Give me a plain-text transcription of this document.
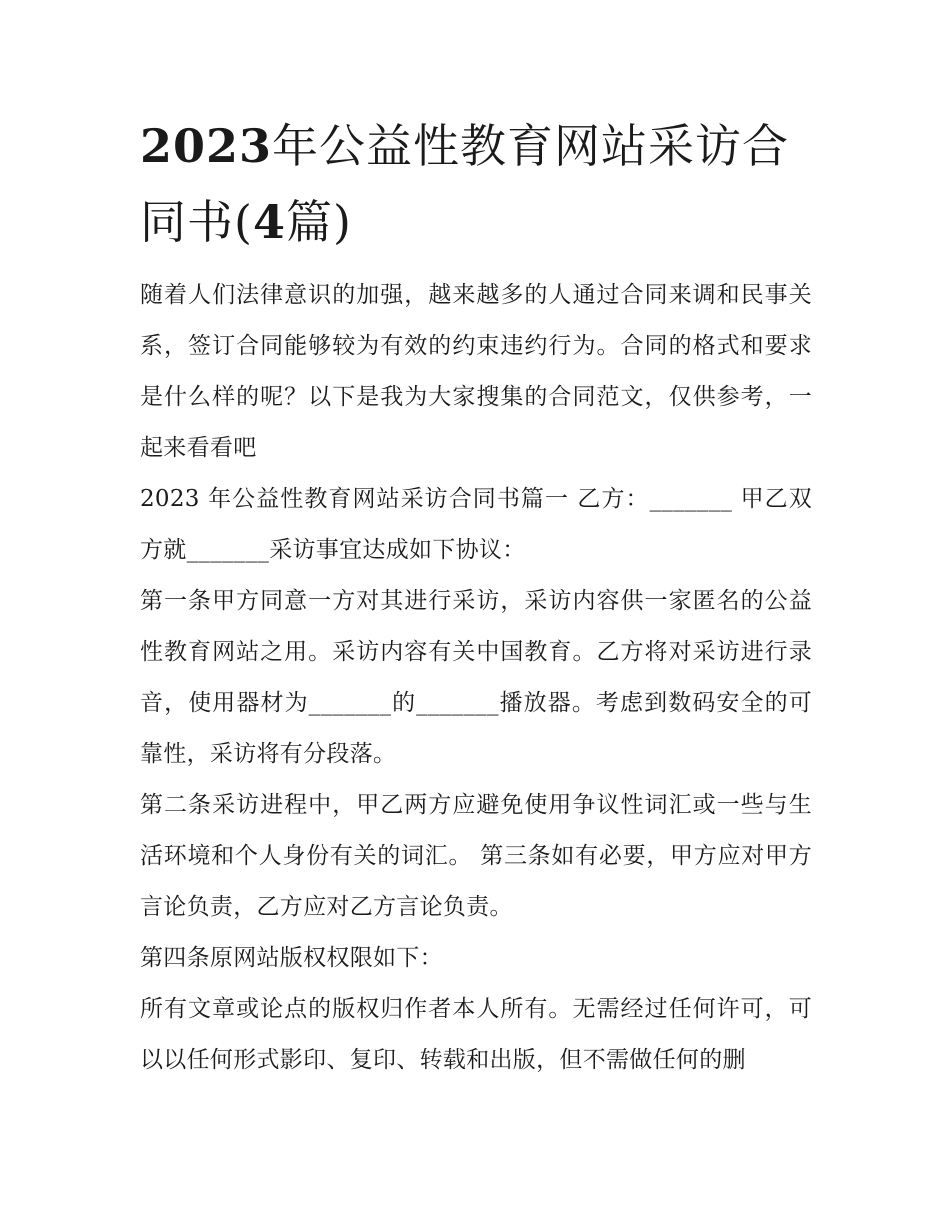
2023年公益性教育网站采访合同书(4篇)

随着人们法律意识的加强，越来越多的人通过合同来调和民事关系，签订合同能够较为有效的约束违约行为。合同的格式和要求是什么样的呢？以下是我为大家搜集的合同范文，仅供参考，一起来看看吧

2023 年公益性教育网站采访合同书篇一 乙方：_______ 甲乙双方就_______采访事宜达成如下协议：

第一条甲方同意一方对其进行采访，采访内容供一家匿名的公益性教育网站之用。采访内容有关中国教育。乙方将对采访进行录音，使用器材为_______的_______播放器。考虑到数码安全的可靠性，采访将有分段落。

第二条采访进程中，甲乙两方应避免使用争议性词汇或一些与生活环境和个人身份有关的词汇。 第三条如有必要，甲方应对甲方言论负责，乙方应对乙方言论负责。

第四条原网站版权权限如下：

所有文章或论点的版权归作者本人所有。无需经过任何许可，可以以任何形式影印、复印、转载和出版，但不需做任何的删
